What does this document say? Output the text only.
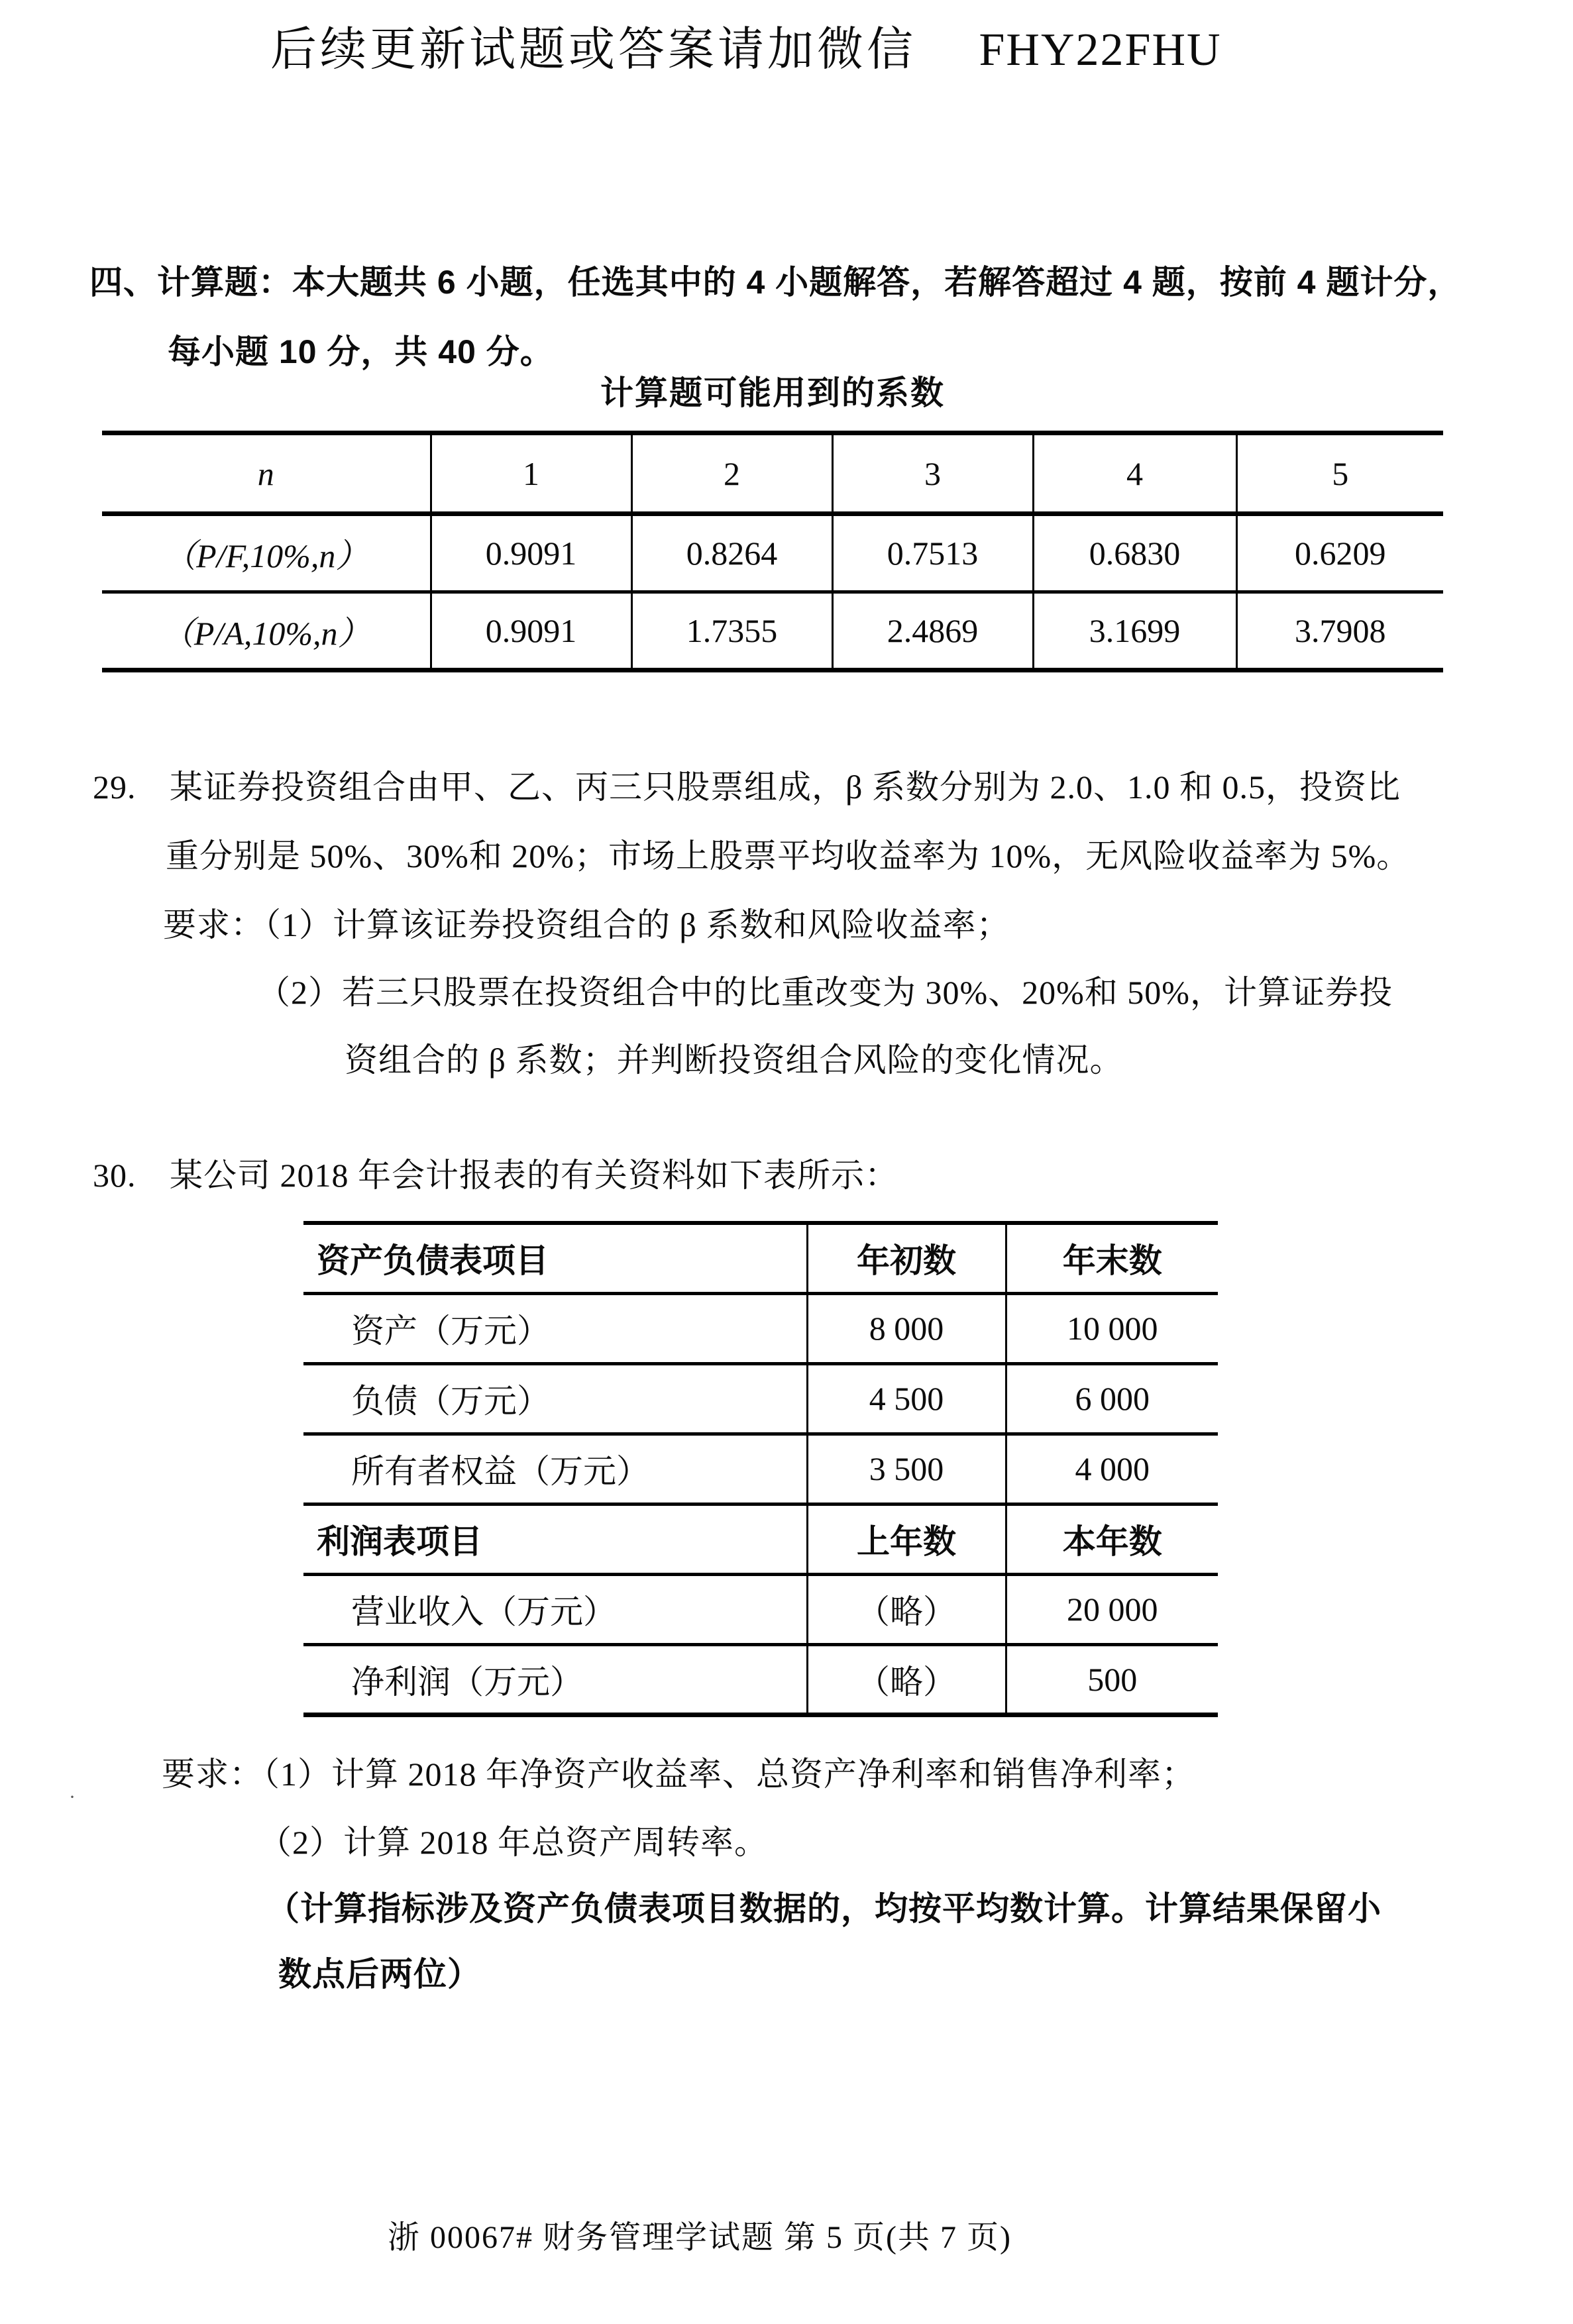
后续更新试题或答案请加微信 FHY22FHU
四、计算题：本大题共 6 小题，任选其中的 4 小题解答，若解答超过 4 题，按前 4 题计分，
每小题 10 分，共 40 分。
计算题可能用到的系数
n	1	2	3	4	5
（P/F,10%,n）	0.9091	0.8264	0.7513	0.6830	0.6209
（P/A,10%,n）	0.9091	1.7355	2.4869	3.1699	3.7908
29. 某证券投资组合由甲、乙、丙三只股票组成，β 系数分别为 2.0、1.0 和 0.5，投资比
重分别是 50%、30%和 20%；市场上股票平均收益率为 10%，无风险收益率为 5%。
要求：（1）计算该证券投资组合的 β 系数和风险收益率；
（2）若三只股票在投资组合中的比重改变为 30%、20%和 50%，计算证券投
资组合的 β 系数；并判断投资组合风险的变化情况。
30. 某公司 2018 年会计报表的有关资料如下表所示：
资产负债表项目	年初数	年末数
资产（万元）	8 000	10 000
负债（万元）	4 500	6 000
所有者权益（万元）	3 500	4 000
利润表项目	上年数	本年数
营业收入（万元）	（略）	20 000
净利润（万元）	（略）	500
要求：（1）计算 2018 年净资产收益率、总资产净利率和销售净利率；
（2）计算 2018 年总资产周转率。
（计算指标涉及资产负债表项目数据的，均按平均数计算。计算结果保留小
数点后两位）
·
浙 00067# 财务管理学试题 第 5 页(共 7 页)
